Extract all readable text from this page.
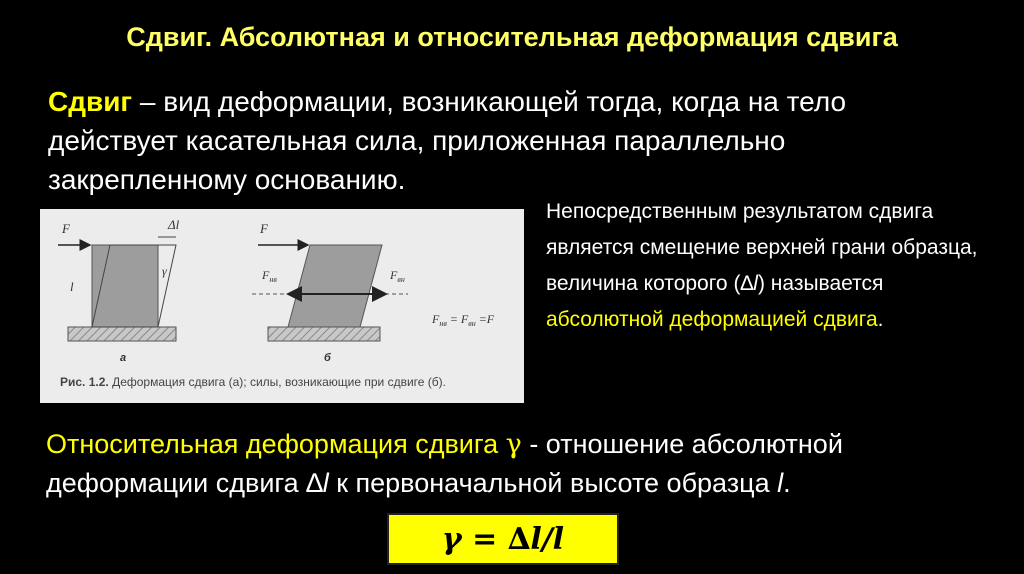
Сдвиг. Абсолютная и относительная деформация сдвига
Сдвиг – вид деформации, возникающей тогда, когда на тело действует касательная сила, приложенная параллельно закрепленному основанию.
F	Δl
γ
l
а
F
$F_{нв}$	$F_{вн}$
$F_{нв} = F_{вн} =F$
б
Рис. 1.2. Деформация сдвига (а); силы, возникающие при сдвиге (б).
Непосредственным результатом сдвига является смещение верхней грани образца, величина которого (∆l) называется абсолютной деформацией сдвига.
Относительная деформация сдвига γ - отношение абсолютной деформации сдвига ∆l к первоначальной высоте образца l.
γ = ∆l/l
